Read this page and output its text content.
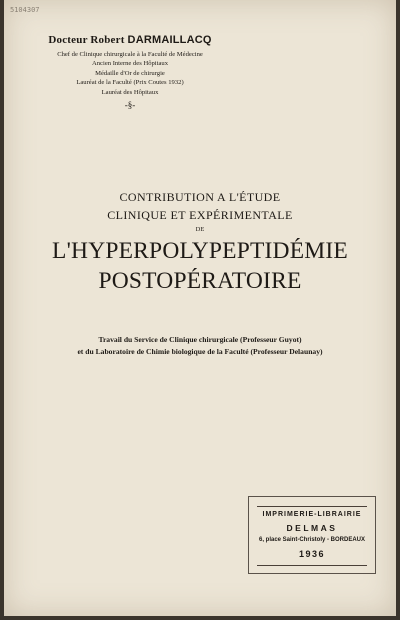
5104307
Docteur Robert DARMAILLACQ
Chef de Clinique chirurgicale à la Faculté de Médecine
Ancien Interne des Hôpitaux
Médaille d'Or de chirurgie
Lauréat de la Faculté (Prix Coutes 1932)
Lauréat des Hôpitaux
-§-
CONTRIBUTION A L'ÉTUDE
CLINIQUE ET EXPÉRIMENTALE
DE
L'HYPERPOLYPEPTIDÉMIE
POSTOPÉRATOIRE
Travail du Service de Clinique chirurgicale (Professeur Guyot)
et du Laboratoire de Chimie biologique de la Faculté (Professeur Delaunay)
IMPRIMERIE-LIBRAIRIE
DELMAS
6, place Saint-Christoly - BORDEAUX
1936
